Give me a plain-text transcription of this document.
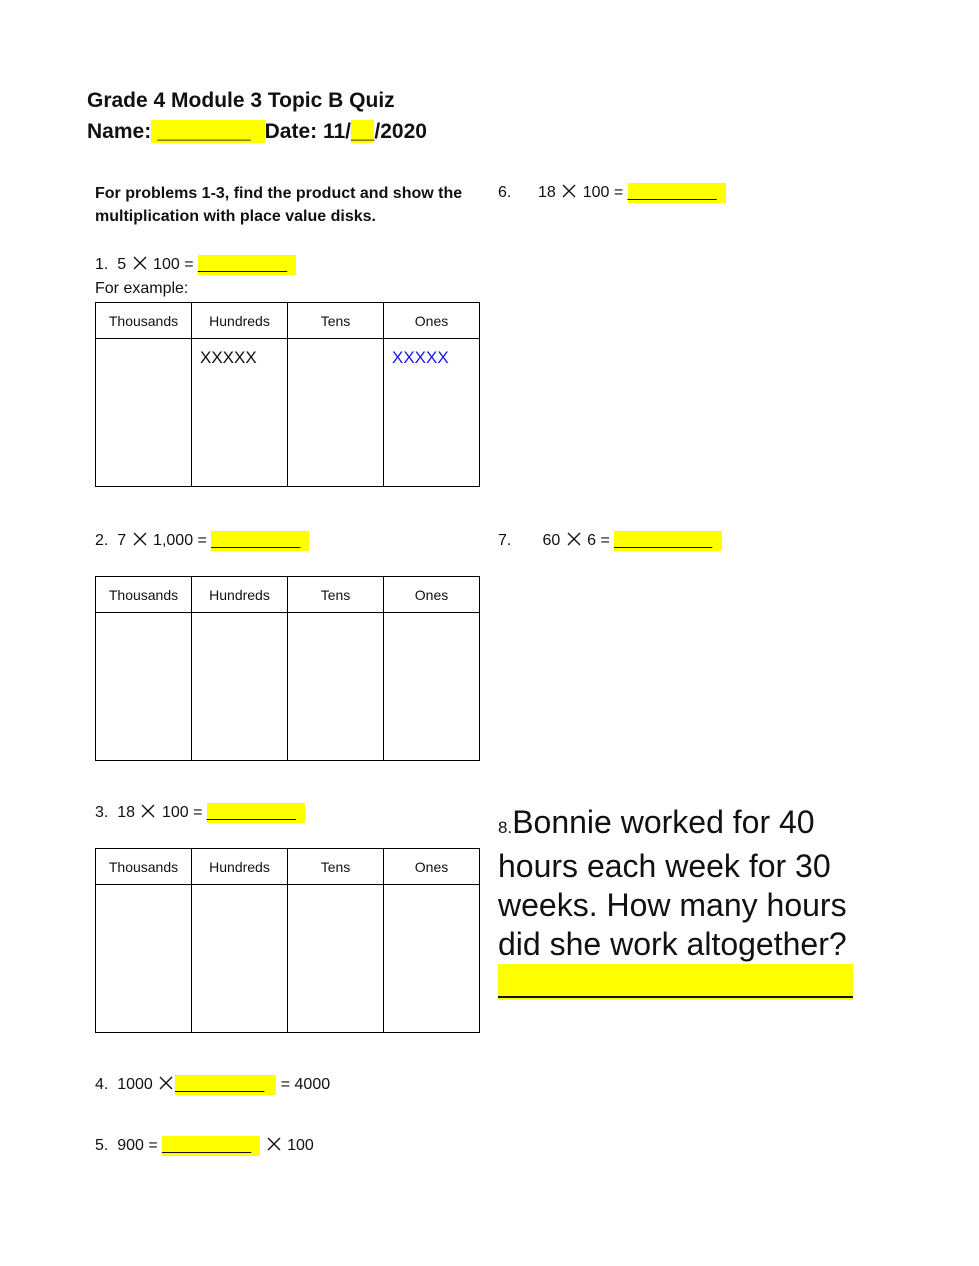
Grade 4 Module 3 Topic B Quiz
Name: ________ Date: 11/__/2020
For problems 1-3, find the product and show the multiplication with place value disks.
1. 5 100 = __________
For example:
Thousands	Hundreds	Tens	Ones
	XXXXX		XXXXX
2. 7 1,000 = __________
Thousands	Hundreds	Tens	Ones

3. 18 100 = __________
Thousands	Hundreds	Tens	Ones

4. 1000 __________ = 4000
5. 900 = __________ 100
6. 18 100 = __________
7. 60 6 = ___________
8.Bonnie worked for 40 hours each week for 30 weeks. How many hours did she work altogether?
